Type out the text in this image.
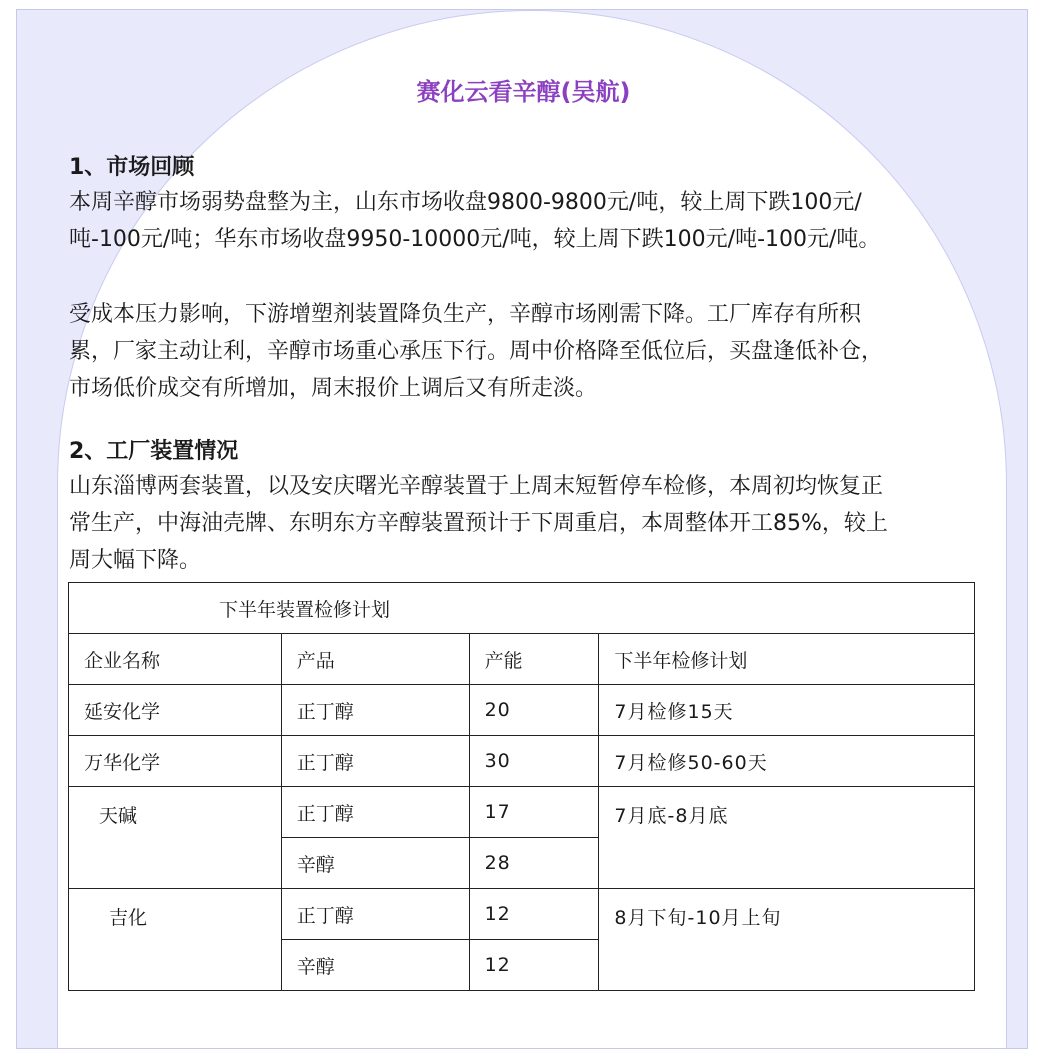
赛化云看辛醇(吴航)
1、市场回顾
本周辛醇市场弱势盘整为主，山东市场收盘9800-9800元/吨，较上周下跌100元/
吨-100元/吨；华东市场收盘9950-10000元/吨，较上周下跌100元/吨-100元/吨。
受成本压力影响，下游增塑剂装置降负生产，辛醇市场刚需下降。工厂库存有所积
累，厂家主动让利，辛醇市场重心承压下行。周中价格降至低位后，买盘逢低补仓，
市场低价成交有所增加，周末报价上调后又有所走淡。
2、工厂装置情况
山东淄博两套装置，以及安庆曙光辛醇装置于上周末短暂停车检修，本周初均恢复正
常生产，中海油壳牌、东明东方辛醇装置预计于下周重启，本周整体开工85%，较上
周大幅下降。
下半年装置检修计划			
企业名称	产品	产能	下半年检修计划
延安化学	正丁醇	20	7月检修15天
万华化学	正丁醇	30	7月检修50-60天
天碱	正丁醇	17	7月底-8月底
	辛醇	28	
吉化	正丁醇	12	8月下旬-10月上旬
	辛醇	12	
